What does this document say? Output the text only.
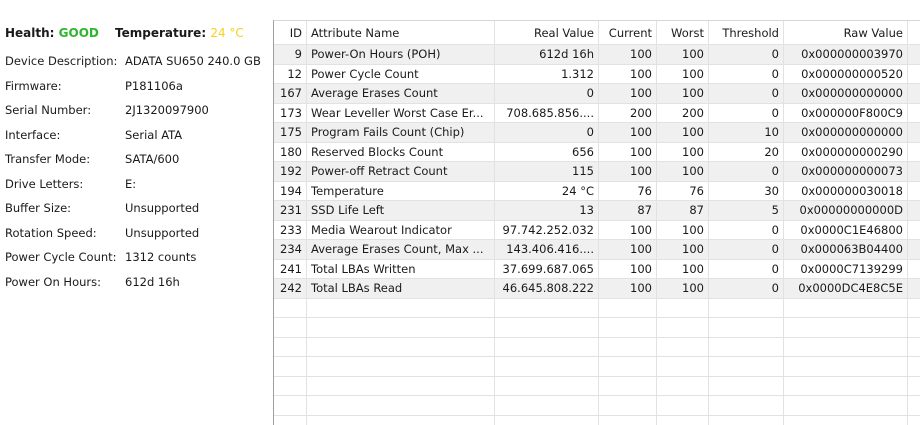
Health: GOOD Temperature: 24 °C
Device Description: ADATA SU650 240.0 GB
Firmware:	P181106a
Serial Number:	2J1320097900
Interface:	Serial ATA
Transfer Mode:	SATA/600
Drive Letters:	E:
Buffer Size:	Unsupported
Rotation Speed: Unsupported
Power Cycle Count: 1312 counts
Power On Hours: 612d 16h
ID Attribute Name	Real Value	Current	Worst	Threshold	Raw Value
9 Power-On Hours (POH)	612d 16h	100	100	0	0x000000003970
12 Power Cycle Count	1.312	100	100	0	0x000000000520
167 Average Erases Count	0	100	100	0	0x000000000000
173 Wear Leveller Worst Case Er...	708.685.856....	200	200	0	0x000000F800C9
175 Program Fails Count (Chip)	0	100	100	10	0x000000000000
180 Reserved Blocks Count	656	100	100	20	0x000000000290
192 Power-off Retract Count	115	100	100	0	0x000000000073
194 Temperature	24 °C	76	76	30	0x000000030018
231 SSD Life Left	13	87	87	5	0x00000000000D
233 Media Wearout Indicator	97.742.252.032	100	100	0	0x0000C1E46800
234 Average Erases Count, Max ...	143.406.416....	100	100	0	0x000063B04400
241 Total LBAs Written	37.699.687.065	100	100	0	0x0000C7139299
242 Total LBAs Read	46.645.808.222	100	100	0	0x0000DC4E8C5E
